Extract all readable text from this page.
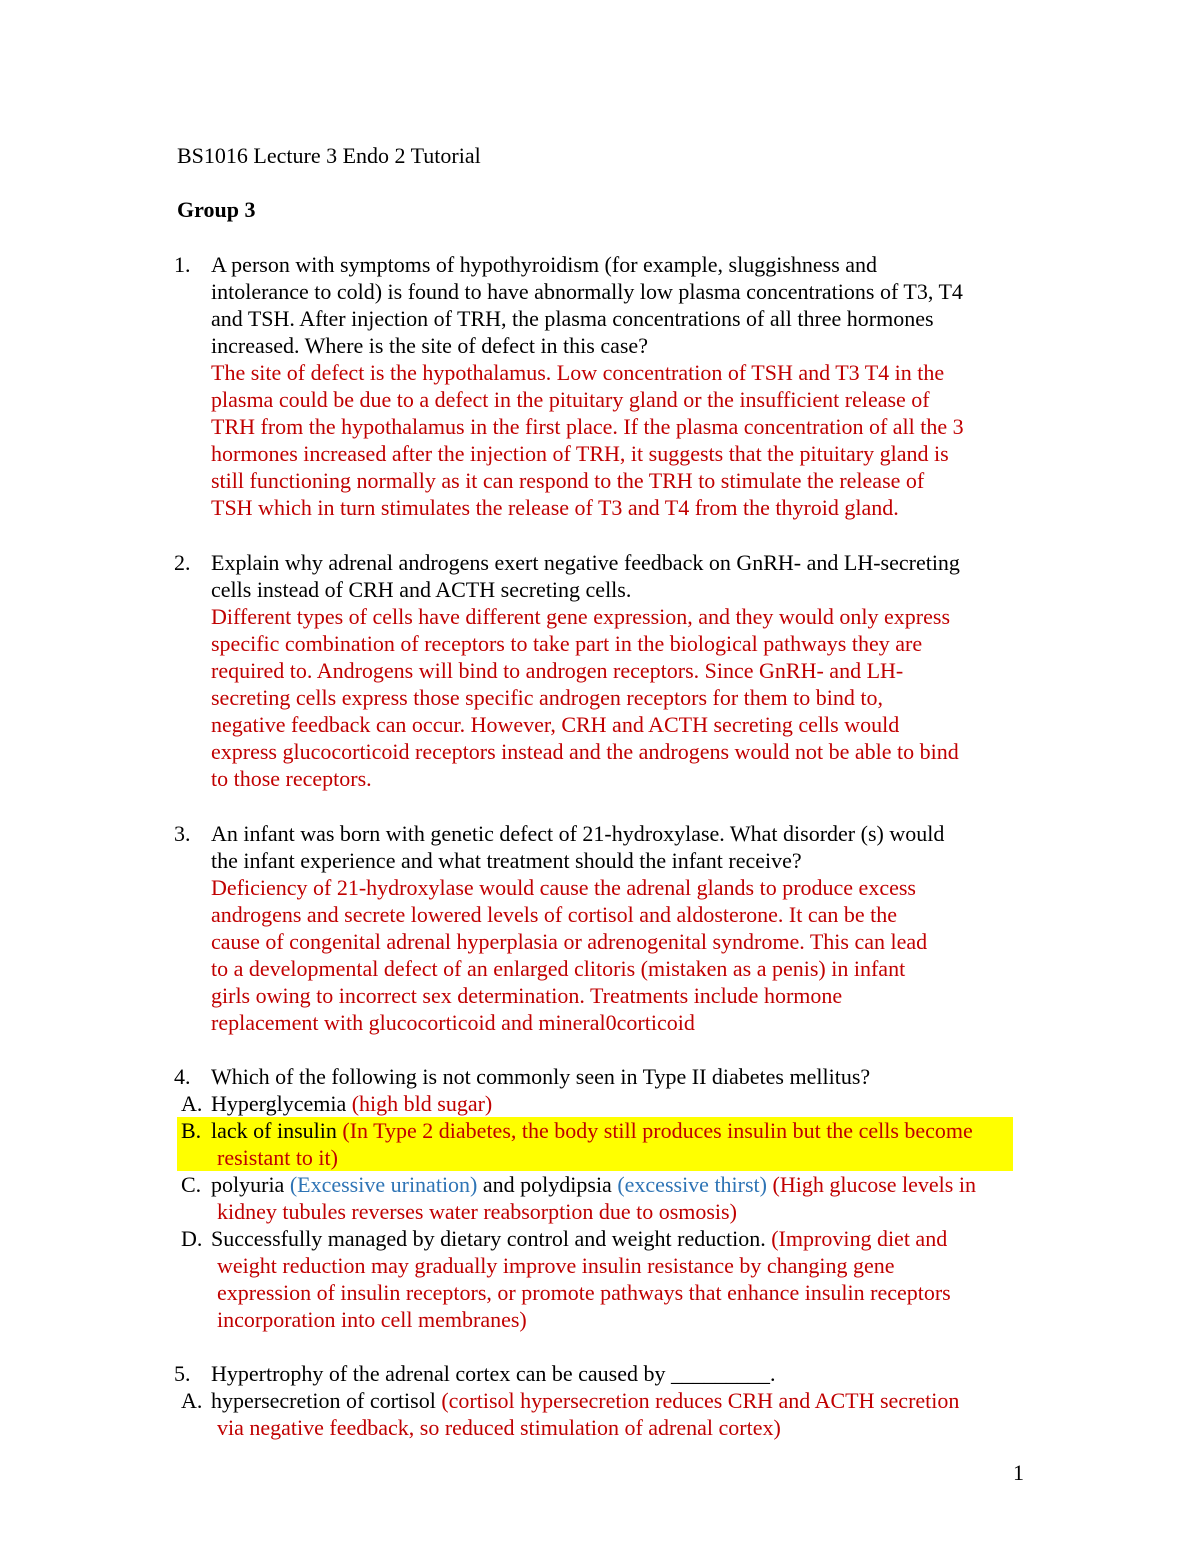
BS1016 Lecture 3 Endo 2 Tutorial
Group 3
1. A person with symptoms of hypothyroidism (for example, sluggishness and
intolerance to cold) is found to have abnormally low plasma concentrations of T3, T4
and TSH. After injection of TRH, the plasma concentrations of all three hormones
increased. Where is the site of defect in this case?
The site of defect is the hypothalamus. Low concentration of TSH and T3 T4 in the
plasma could be due to a defect in the pituitary gland or the insufficient release of
TRH from the hypothalamus in the first place. If the plasma concentration of all the 3
hormones increased after the injection of TRH, it suggests that the pituitary gland is
still functioning normally as it can respond to the TRH to stimulate the release of
TSH which in turn stimulates the release of T3 and T4 from the thyroid gland.
2. Explain why adrenal androgens exert negative feedback on GnRH- and LH-secreting
cells instead of CRH and ACTH secreting cells.
Different types of cells have different gene expression, and they would only express
specific combination of receptors to take part in the biological pathways they are
required to. Androgens will bind to androgen receptors. Since GnRH- and LH-
secreting cells express those specific androgen receptors for them to bind to,
negative feedback can occur. However, CRH and ACTH secreting cells would
express glucocorticoid receptors instead and the androgens would not be able to bind
to those receptors.
3. An infant was born with genetic defect of 21-hydroxylase. What disorder (s) would
the infant experience and what treatment should the infant receive?
Deficiency of 21-hydroxylase would cause the adrenal glands to produce excess
androgens and secrete lowered levels of cortisol and aldosterone. It can be the
cause of congenital adrenal hyperplasia or adrenogenital syndrome. This can lead
to a developmental defect of an enlarged clitoris (mistaken as a penis) in infant
girls owing to incorrect sex determination. Treatments include hormone
replacement with glucocorticoid and mineral0corticoid
4. Which of the following is not commonly seen in Type II diabetes mellitus?
A. Hyperglycemia (high bld sugar)
B. lack of insulin (In Type 2 diabetes, the body still produces insulin but the cells become
resistant to it)
C. polyuria (Excessive urination) and polydipsia (excessive thirst) (High glucose levels in
kidney tubules reverses water reabsorption due to osmosis)
D. Successfully managed by dietary control and weight reduction. (Improving diet and
weight reduction may gradually improve insulin resistance by changing gene
expression of insulin receptors, or promote pathways that enhance insulin receptors
incorporation into cell membranes)
5. Hypertrophy of the adrenal cortex can be caused by _________.
A. hypersecretion of cortisol (cortisol hypersecretion reduces CRH and ACTH secretion
via negative feedback, so reduced stimulation of adrenal cortex)
1
